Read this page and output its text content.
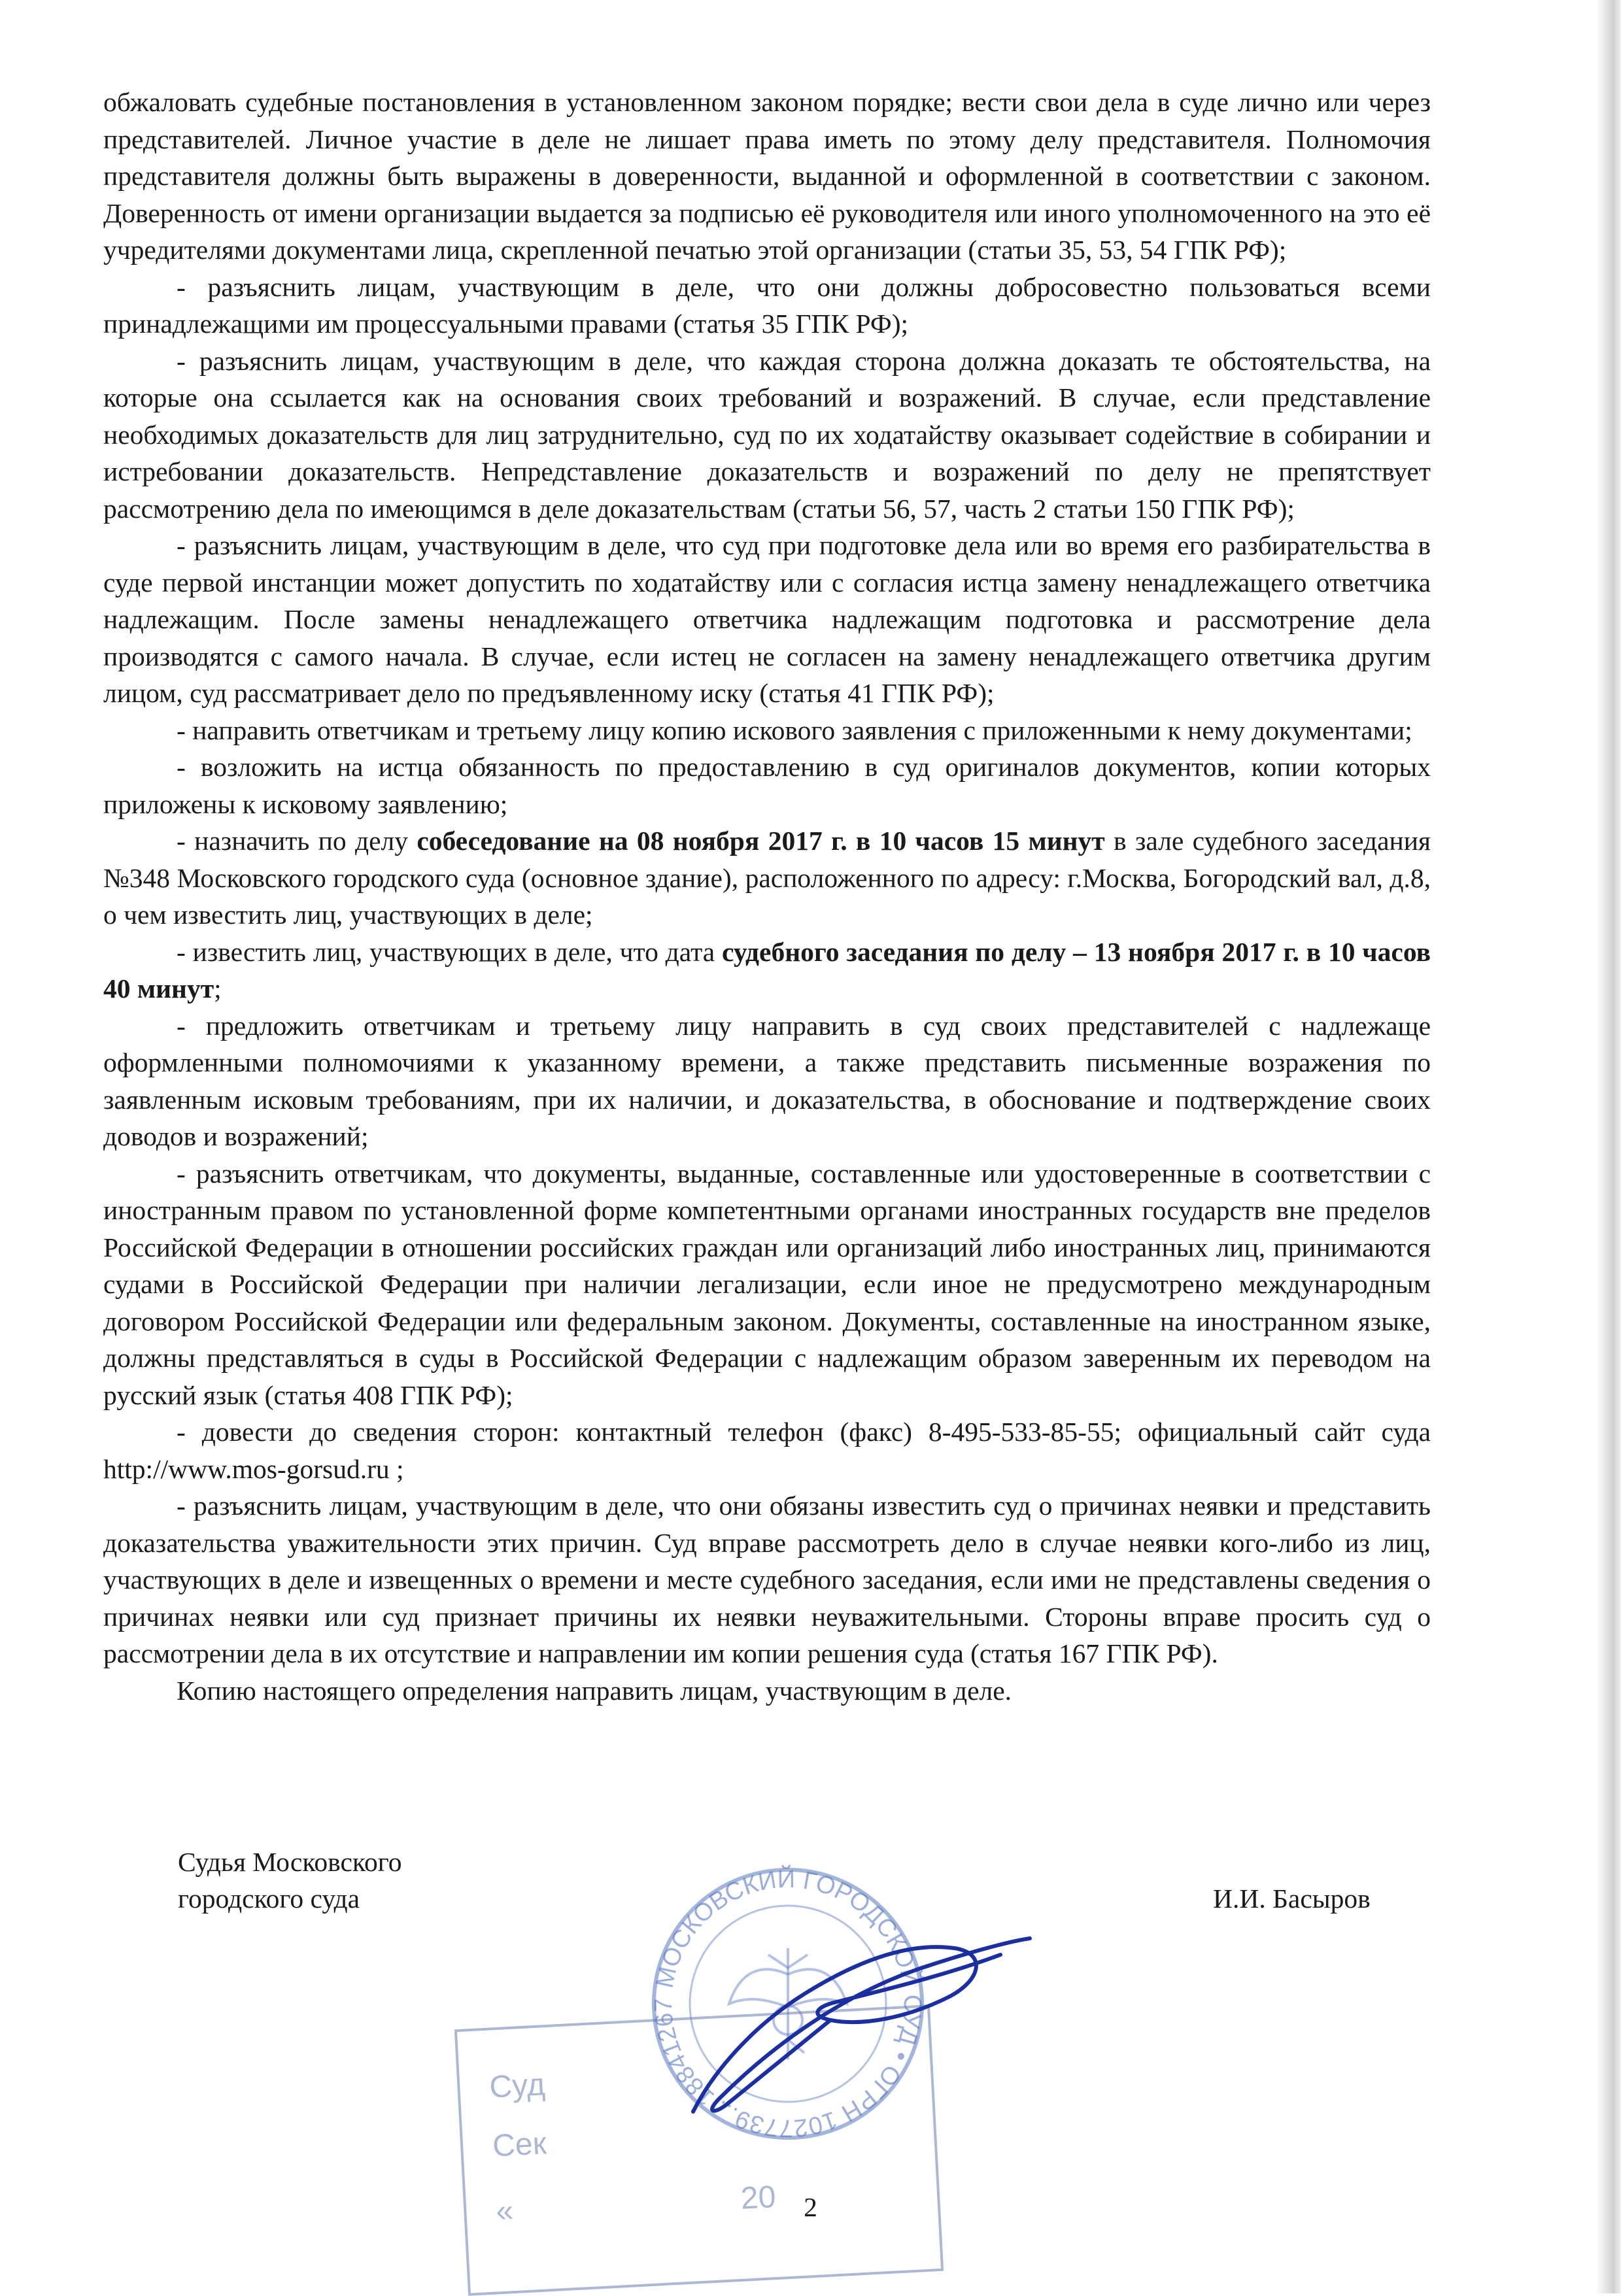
обжаловать судебные постановления в установленном законом порядке; вести свои дела в суде лично или через представителей. Личное участие в деле не лишает права иметь по этому делу представителя. Полномочия представителя должны быть выражены в доверенности, выданной и оформленной в соответствии с законом. Доверенность от имени организации выдается за подписью её руководителя или иного уполномоченного на это её учредителями документами лица, скрепленной печатью этой организации (статьи 35, 53, 54 ГПК РФ);

- разъяснить лицам, участвующим в деле, что они должны добросовестно пользоваться всеми принадлежащими им процессуальными правами (статья 35 ГПК РФ);

- разъяснить лицам, участвующим в деле, что каждая сторона должна доказать те обстоятельства, на которые она ссылается как на основания своих требований и возражений. В случае, если представление необходимых доказательств для лиц затруднительно, суд по их ходатайству оказывает содействие в собирании и истребовании доказательств. Непредставление доказательств и возражений по делу не препятствует рассмотрению дела по имеющимся в деле доказательствам (статьи 56, 57, часть 2 статьи 150 ГПК РФ);

- разъяснить лицам, участвующим в деле, что суд при подготовке дела или во время его разбирательства в суде первой инстанции может допустить по ходатайству или с согласия истца замену ненадлежащего ответчика надлежащим. После замены ненадлежащего ответчика надлежащим подготовка и рассмотрение дела производятся с самого начала. В случае, если истец не согласен на замену ненадлежащего ответчика другим лицом, суд рассматривает дело по предъявленному иску (статья 41 ГПК РФ);

- направить ответчикам и третьему лицу копию искового заявления с приложенными к нему документами;

- возложить на истца обязанность по предоставлению в суд оригиналов документов, копии которых приложены к исковому заявлению;

- назначить по делу собеседование на 08 ноября 2017 г. в 10 часов 15 минут в зале судебного заседания №348 Московского городского суда (основное здание), расположенного по адресу: г.Москва, Богородский вал, д.8, о чем известить лиц, участвующих в деле;

- известить лиц, участвующих в деле, что дата судебного заседания по делу – 13 ноября 2017 г. в 10 часов 40 минут;

- предложить ответчикам и третьему лицу направить в суд своих представителей с надлежаще оформленными полномочиями к указанному времени, а также представить письменные возражения по заявленным исковым требованиям, при их наличии, и доказательства, в обоснование и подтверждение своих доводов и возражений;

- разъяснить ответчикам, что документы, выданные, составленные или удостоверенные в соответствии с иностранным правом по установленной форме компетентными органами иностранных государств вне пределов Российской Федерации в отношении российских граждан или организаций либо иностранных лиц, принимаются судами в Российской Федерации при наличии легализации, если иное не предусмотрено международным договором Российской Федерации или федеральным законом. Документы, составленные на иностранном языке, должны представляться в суды в Российской Федерации с надлежащим образом заверенным их переводом на русский язык (статья 408 ГПК РФ);

- довести до сведения сторон: контактный телефон (факс) 8-495-533-85-55; официальный сайт суда http://www.mos-gorsud.ru ;

- разъяснить лицам, участвующим в деле, что они обязаны известить суд о причинах неявки и представить доказательства уважительности этих причин. Суд вправе рассмотреть дело в случае неявки кого-либо из лиц, участвующих в деле и извещенных о времени и месте судебного заседания, если ими не представлены сведения о причинах неявки или суд признает причины их неявки неуважительными. Стороны вправе просить суд о рассмотрении дела в их отсутствие и направлении им копии решения суда (статья 167 ГПК РФ).

Копию настоящего определения направить лицам, участвующим в деле.

Судья Московского
городского суда	И.И. Басыров
Суд
Сек
«	20
МОСКОВСКИЙ ГОРОДСКОЙ СУД • ОГРН 1027739... 18841267
2
